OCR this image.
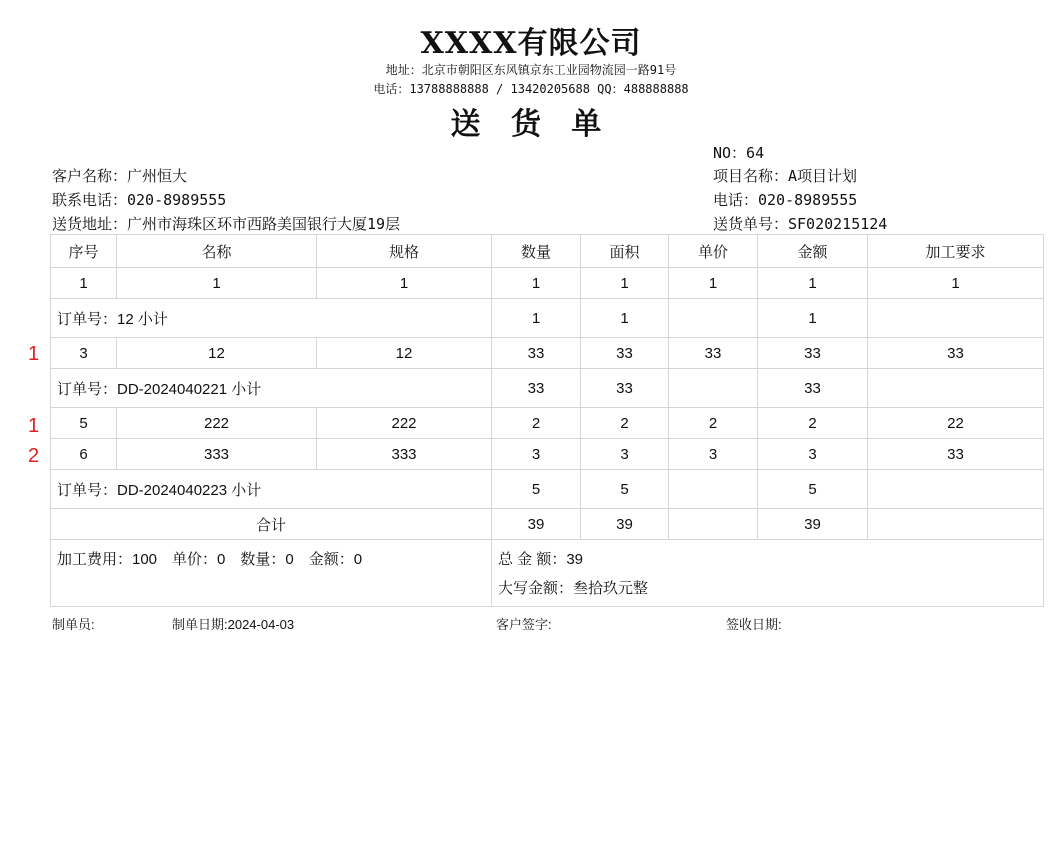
XXXX有限公司
地址：北京市朝阳区东风镇京东工业园物流园一路91号
电话：13788888888 / 13420205688 QQ：488888888
送 货 单
客户名称：广州恒大
联系电话：020-8989555
送货地址：广州市海珠区环市西路美国银行大厦19层
NO：64
项目名称：A项目计划
电话：020-8989555
送货单号：SF020215124
序号	名称	规格	数量	面积	单价	金额	加工要求
1	1	1	1	1	1	1	1
订单号：12 小计			1	1		1	
3	12	12	33	33	33	33	33
订单号：DD-2024040221 小计			33	33		33	
5	222	222	2	2	2	2	22
6	333	333	3	3	3	3	33
订单号：DD-2024040223 小计			5	5		5	
合计			39	39		39	
加工费用：100　单价：0　数量：0　金额：0			总 金 额：39
大写金额：叁拾玖元整				
1
1
2
制单员:	制单日期:2024-04-03	客户签字:	签收日期:
